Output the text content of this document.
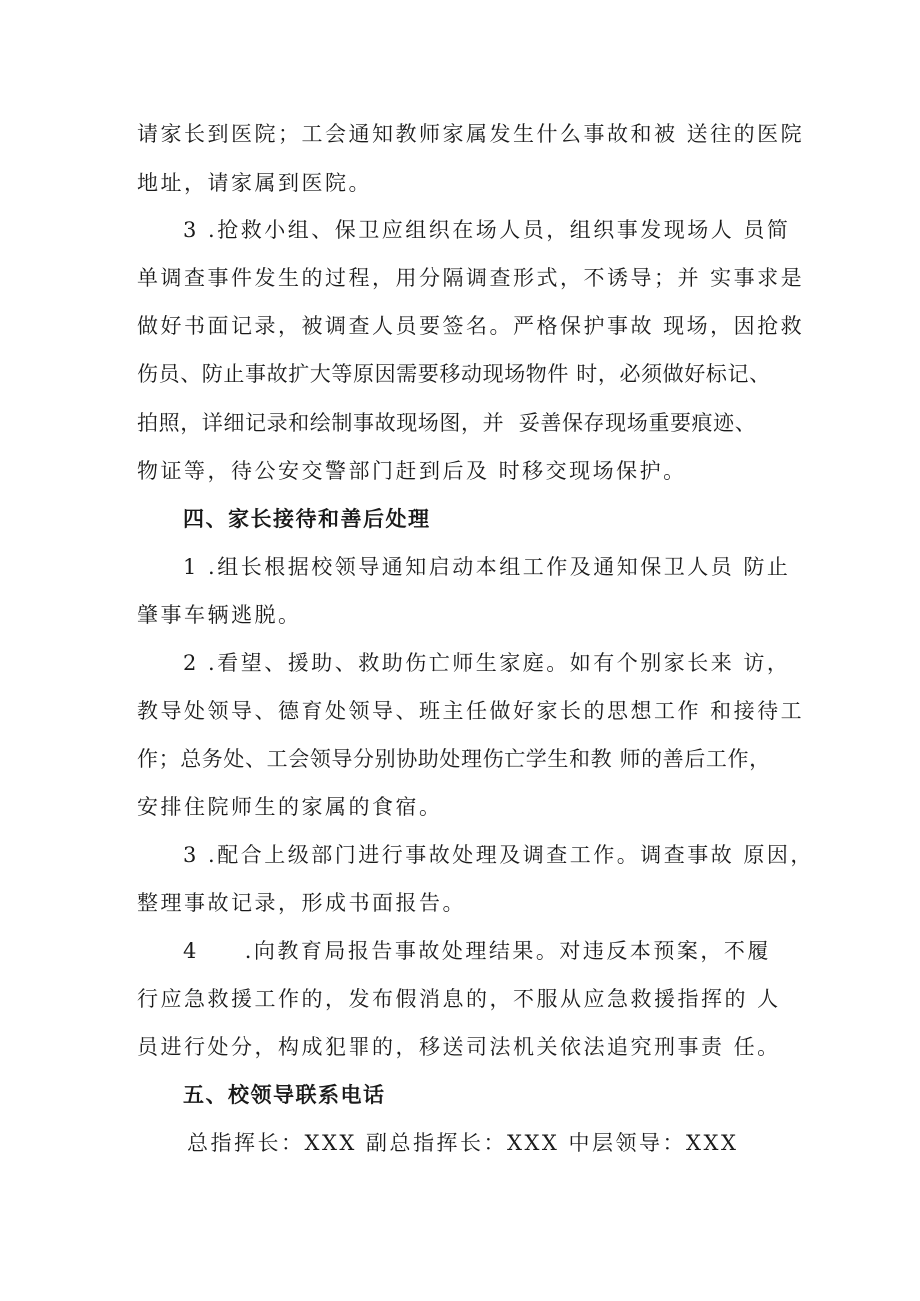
请家长到医院；工会通知教师家属发生什么事故和被 送往的医院
地址，请家属到医院。
3 .抢救小组、保卫应组织在场人员，组织事发现场人 员简
单调查事件发生的过程，用分隔调查形式，不诱导；并 实事求是
做好书面记录，被调查人员要签名。严格保护事故 现场，因抢救
伤员、防止事故扩大等原因需要移动现场物件 时，必须做好标记、
拍照，详细记录和绘制事故现场图，并  妥善保存现场重要痕迹、
物证等，待公安交警部门赶到后及 时移交现场保护。
四、家长接待和善后处理
1 .组长根据校领导通知启动本组工作及通知保卫人员 防止
肇事车辆逃脱。
2 .看望、援助、救助伤亡师生家庭。如有个别家长来 访，
教导处领导、德育处领导、班主任做好家长的思想工作 和接待工
作；总务处、工会领导分别协助处理伤亡学生和教 师的善后工作，
安排住院师生的家属的食宿。
3 .配合上级部门进行事故处理及调查工作。调查事故 原因，
整理事故记录，形成书面报告。
4     .向教育局报告事故处理结果。对违反本预案，不履
行应急救援工作的，发布假消息的，不服从应急救援指挥的 人
员进行处分，构成犯罪的，移送司法机关依法追究刑事责 任。
五、校领导联系电话
总指挥长：XXX 副总指挥长：XXX 中层领导：XXX
